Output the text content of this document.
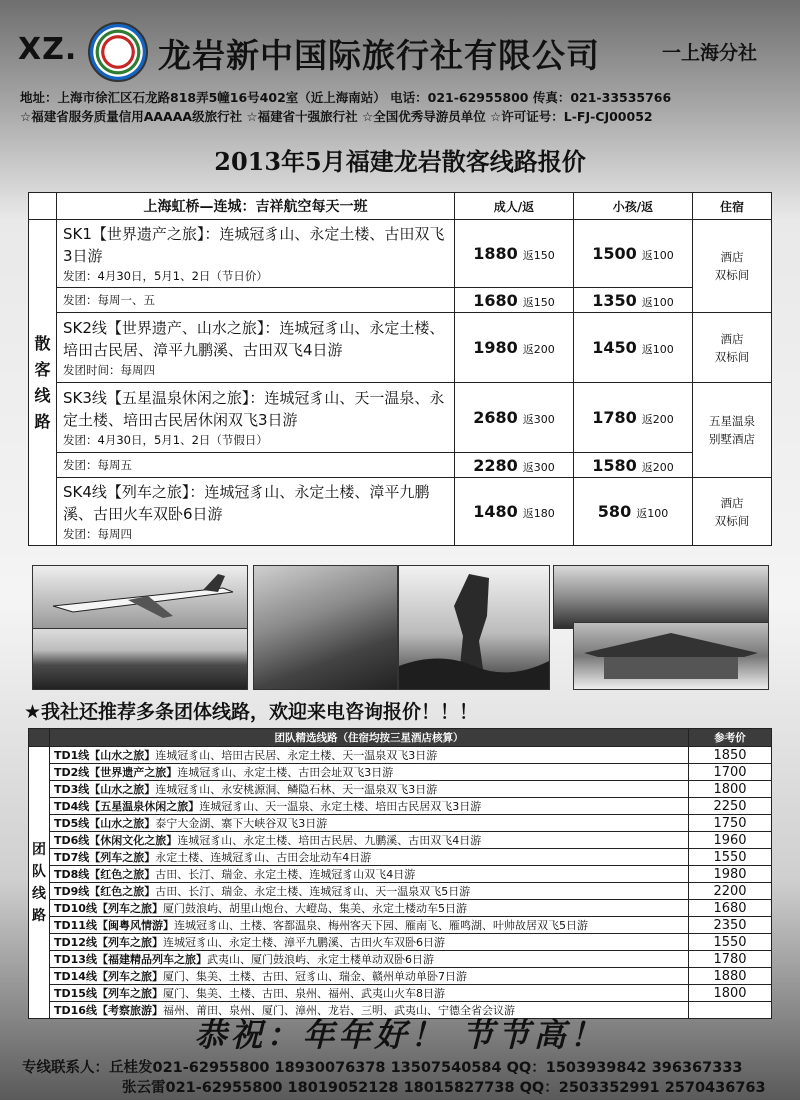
XZ. 龙岩新中国际旅行社有限公司	一上海分社
地址：上海市徐汇区石龙路818弄5幢16号402室（近上海南站） 电话：021-62955800 传真：021-33535766
☆福建省服务质量信用AAAAA级旅行社 ☆福建省十强旅行社 ☆全国优秀导游员单位 ☆许可证号：L-FJ-CJ00052
2013年5月福建龙岩散客线路报价
	上海虹桥—连城：吉祥航空每天一班	成人/返	小孩/返	住宿
散
客
线
路	SK1【世界遗产之旅】：连城冠豸山、永定土楼、古田双飞3日游
发团：4月30日，5月1、2日（节日价）	1880 返150	1500 返100	酒店
双标间
	发团：每周一、五	1680 返150	1350 返100	
	SK2线【世界遗产、山水之旅】：连城冠豸山、永定土楼、培田古民居、漳平九鹏溪、古田双飞4日游
发团时间：每周四	1980 返200	1450 返100	酒店
双标间
	SK3线【五星温泉休闲之旅】：连城冠豸山、天一温泉、永定土楼、培田古民居休闲双飞3日游
发团：4月30日，5月1、2日（节假日）	2680 返300	1780 返200	五星温泉
别墅酒店
	发团：每周五	2280 返300	1580 返200	
	SK4线【列车之旅】：连城冠豸山、永定土楼、漳平九鹏溪、古田火车双卧6日游
发团：每周四	1480 返180	580 返100	酒店
双标间
★我社还推荐多条团体线路，欢迎来电咨询报价！！！
	团队精选线路（住宿均按三星酒店核算）	参考价
团
队
线
路	TD1线【山水之旅】连城冠豸山、培田古民居、永定土楼、天一温泉双飞3日游	1850
	TD2线【世界遗产之旅】连城冠豸山、永定土楼、古田会址双飞3日游	1700
	TD3线【山水之旅】连城冠豸山、永安桃源洞、鳞隐石林、天一温泉双飞3日游	1800
	TD4线【五星温泉休闲之旅】连城冠豸山、天一温泉、永定土楼、培田古民居双飞3日游	2250
	TD5线【山水之旅】泰宁大金湖、寨下大峡谷双飞3日游	1750
	TD6线【休闲文化之旅】连城冠豸山、永定土楼、培田古民居、九鹏溪、古田双飞4日游	1960
	TD7线【列车之旅】永定土楼、连城冠豸山、古田会址动车4日游	1550
	TD8线【红色之旅】古田、长汀、瑞金、永定土楼、连城冠豸山双飞4日游	1980
	TD9线【红色之旅】古田、长汀、瑞金、永定土楼、连城冠豸山、天一温泉双飞5日游	2200
	TD10线【列车之旅】厦门鼓浪屿、胡里山炮台、大嶝岛、集美、永定土楼动车5日游	1680
	TD11线【闽粤风情游】连城冠豸山、土楼、客都温泉、梅州客天下园、雁南飞、雁鸣湖、叶帅故居双飞5日游	2350
	TD12线【列车之旅】连城冠豸山、永定土楼、漳平九鹏溪、古田火车双卧6日游	1550
	TD13线【福建精品列车之旅】武夷山、厦门鼓浪屿、永定土楼单动双卧6日游	1780
	TD14线【列车之旅】厦门、集美、土楼、古田、冠豸山、瑞金、赣州单动单卧7日游	1880
	TD15线【列车之旅】厦门、集美、土楼、古田、泉州、福州、武夷山火车8日游	1800
	TD16线【考察旅游】福州、莆田、泉州、厦门、漳州、龙岩、三明、武夷山、宁德全省会议游	
恭祝：年年好！ 节节高！
专线联系人：丘桂发021-62955800 18930076378 13507540584 QQ：1503939842 396367333
张云雷021-62955800 18019052128 18015827738 QQ：2503352991 2570436763
